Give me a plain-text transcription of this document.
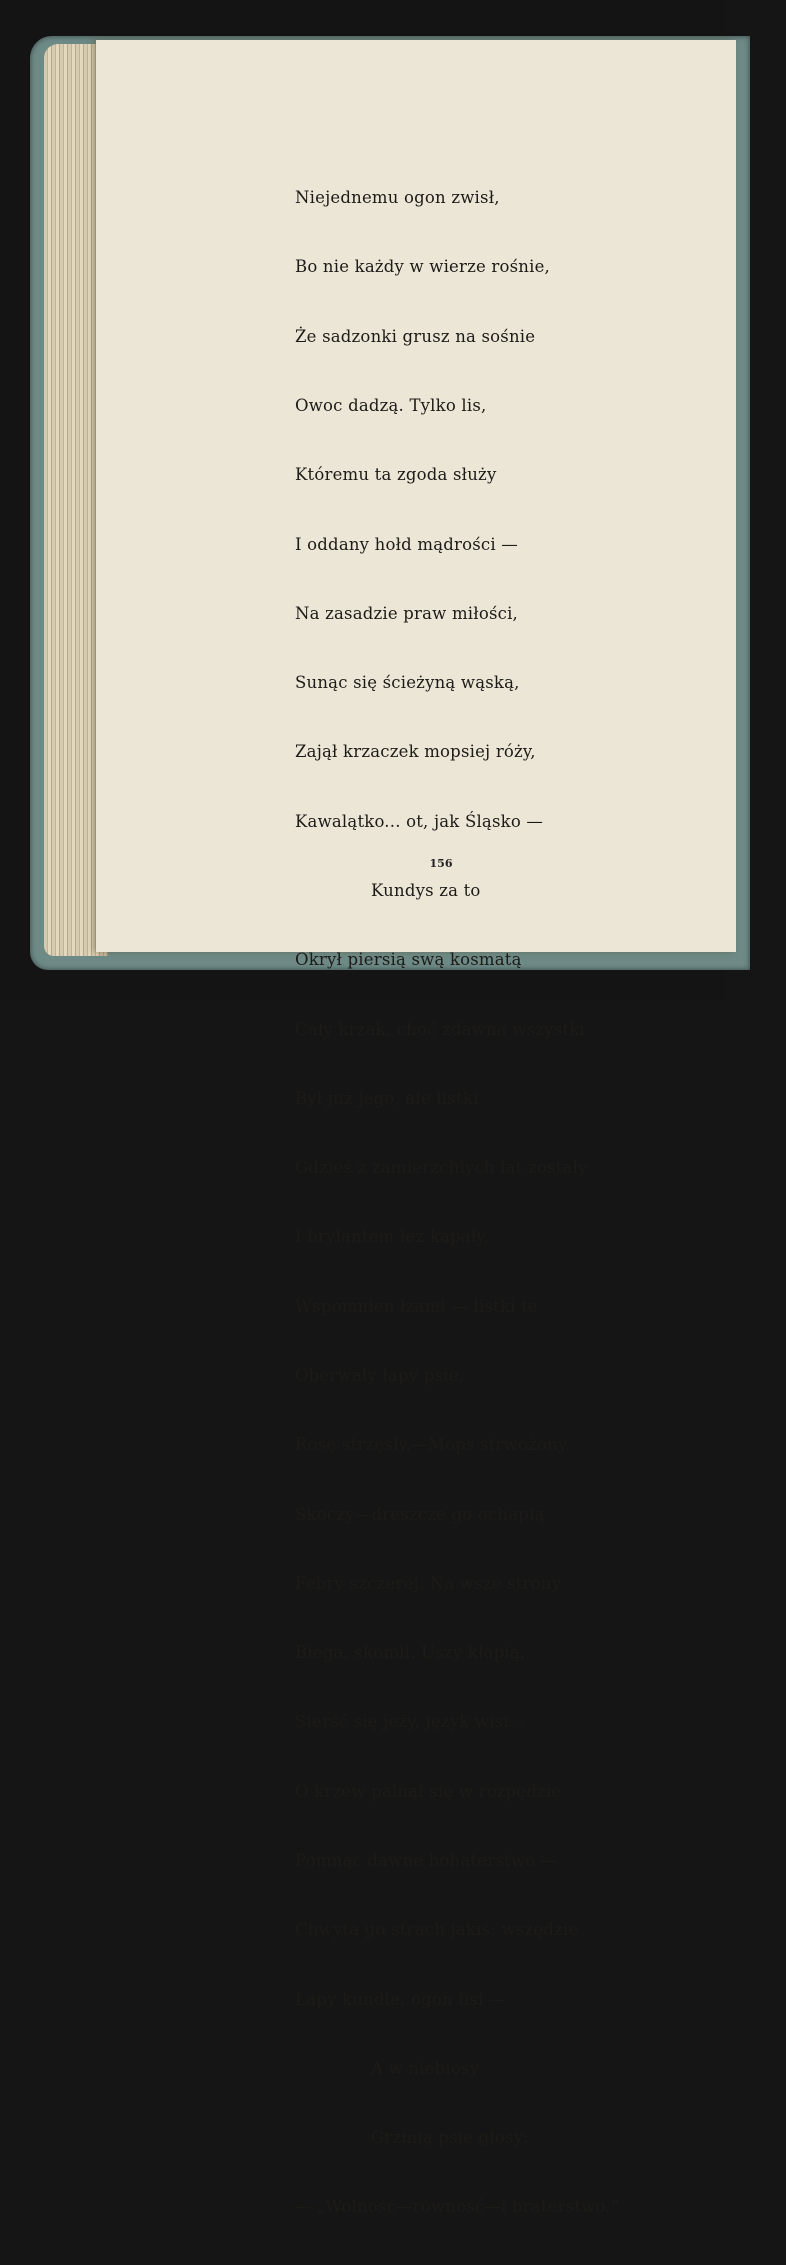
Niejednemu ogon zwisł,

Bo nie każdy w wierze rośnie,

Że sadzonki grusz na sośnie

Owoc dadzą. Tylko lis,

Któremu ta zgoda służy

I oddany hołd mądrości —

Na zasadzie praw miłości,

Sunąc się ścieżyną wąską,

Zajął krzaczek mopsiej róży,

Kawalątko... ot, jak Śląsko —

Kundys za to

Okrył piersią swą kosmatą

Cały krzak, choć zdawna wszystki

Był już jego, ale listki

Gdzieś z zamierzchłych lat zostały

I brylantem łez kapały,

Wspomnień łzami — listki te

Oberwały łapy psie,

Rosę strzęsły.—Mops strwożony

Skoczy—dreszcze go ochapią

Febry szczerej. Na wsze strony

Biega, skomli. Uszy kłapią,

Sierść się jeży, język wisi...

O krzew palnął się w rozpędzie

Pomnąc dawne bohaterstwo —

Chwyta go strach jakiś: wszędzie

Łapy kundle, ogon lisi —

A w niebiosy

Grzmią psie głosy:

— „Wolność—równość—i braterstwo.“

156
